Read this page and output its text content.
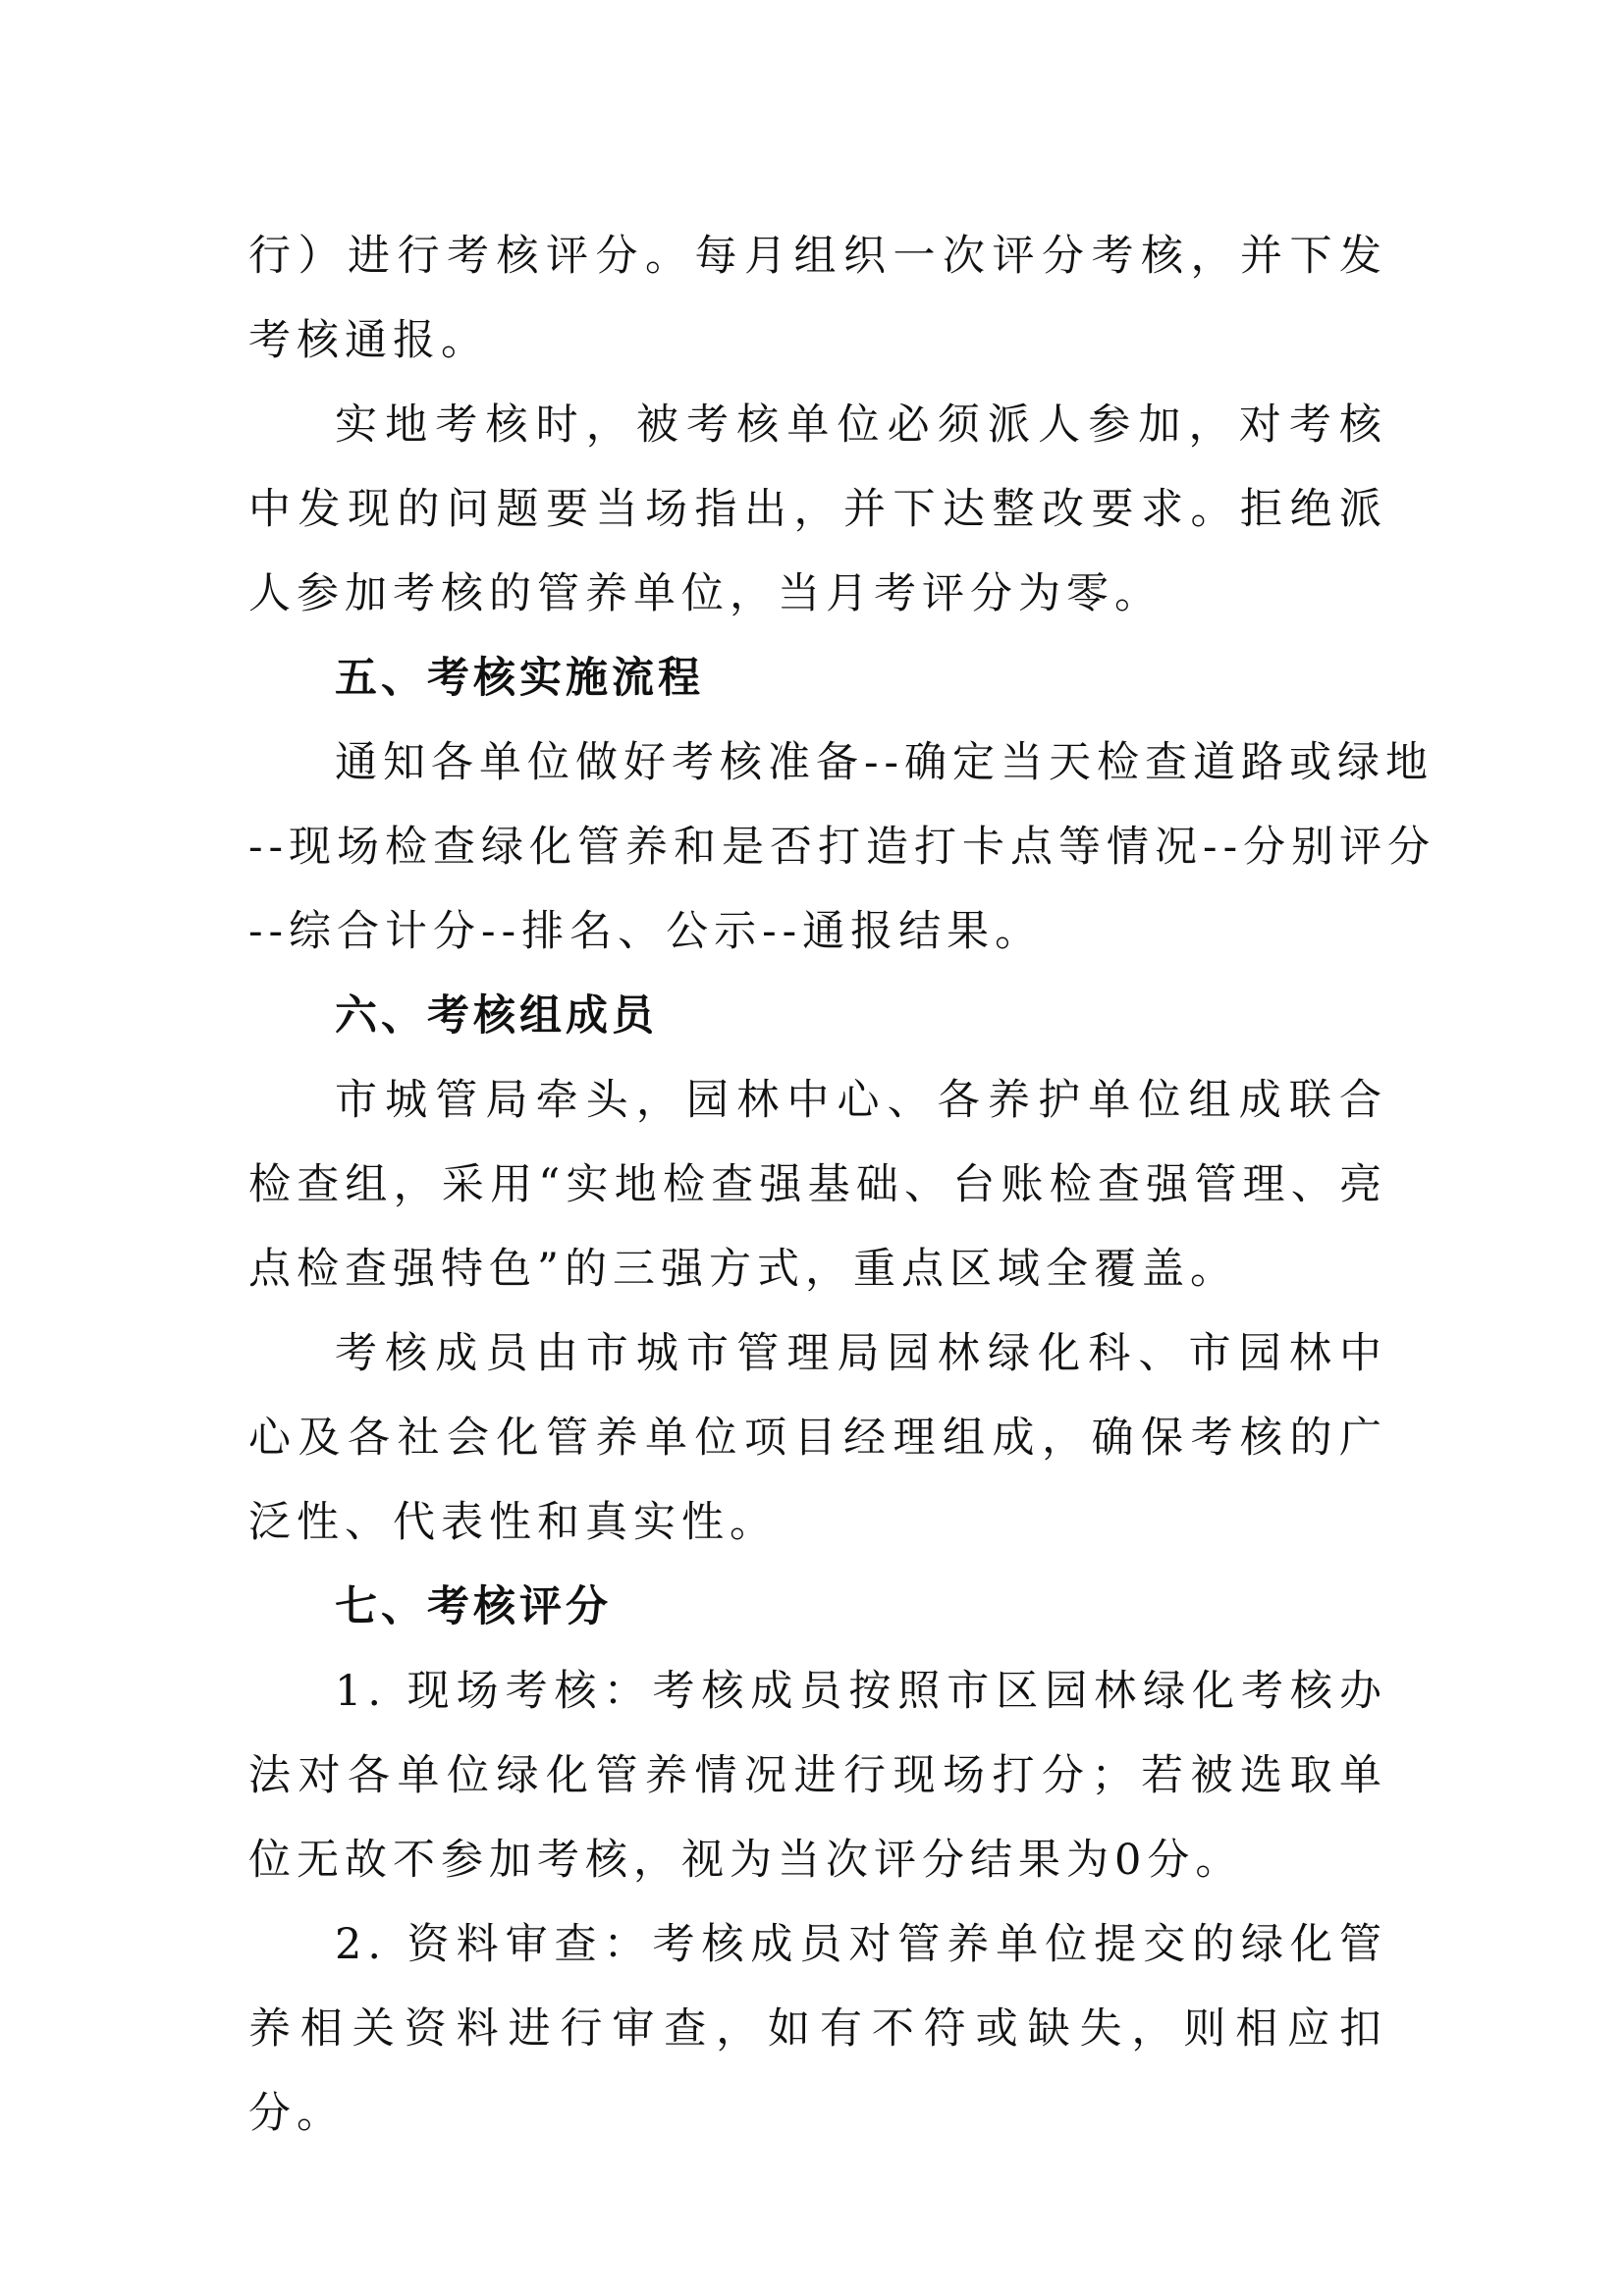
行）进行考核评分。每月组织一次评分考核，并下发考核通报。

实地考核时，被考核单位必须派人参加，对考核中发现的问题要当场指出，并下达整改要求。拒绝派人参加考核的管养单位，当月考评分为零。

五、考核实施流程

通知各单位做好考核准备--确定当天检查道路或绿地

--现场检查绿化管养和是否打造打卡点等情况--分别评分

--综合计分--排名、公示--通报结果。

六、考核组成员

市城管局牵头，园林中心、各养护单位组成联合检查组，采用“实地检查强基础、台账检查强管理、亮点检查强特色”的三强方式，重点区域全覆盖。

考核成员由市城市管理局园林绿化科、市园林中心及各社会化管养单位项目经理组成，确保考核的广泛性、代表性和真实性。

七、考核评分

1. 现场考核：考核成员按照市区园林绿化考核办法对各单位绿化管养情况进行现场打分；若被选取单位无故不参加考核，视为当次评分结果为0分。

2. 资料审查：考核成员对管养单位提交的绿化管养相关资料进行审查，如有不符或缺失，则相应扣分。
